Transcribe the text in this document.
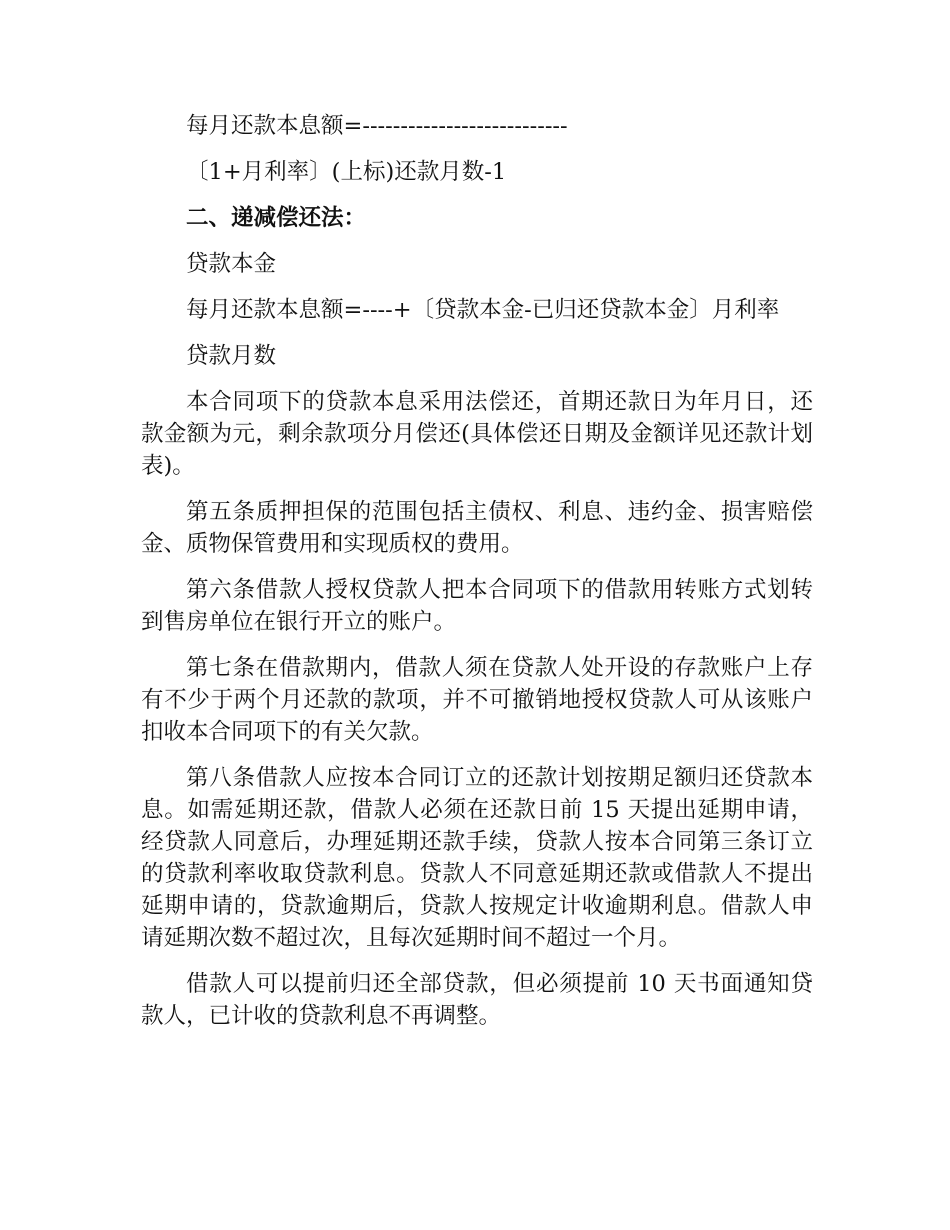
每月还款本息额=---------------------------

〔1+月利率〕(上标)还款月数-1

二、递减偿还法：

贷款本金

每月还款本息额=----+〔贷款本金-已归还贷款本金〕月利率

贷款月数

本合同项下的贷款本息采用法偿还，首期还款日为年月日，还款金额为元，剩余款项分月偿还(具体偿还日期及金额详见还款计划表)。

第五条质押担保的范围包括主债权、利息、违约金、损害赔偿金、质物保管费用和实现质权的费用。

第六条借款人授权贷款人把本合同项下的借款用转账方式划转到售房单位在银行开立的账户。

第七条在借款期内，借款人须在贷款人处开设的存款账户上存有不少于两个月还款的款项，并不可撤销地授权贷款人可从该账户扣收本合同项下的有关欠款。

第八条借款人应按本合同订立的还款计划按期足额归还贷款本息。如需延期还款，借款人必须在还款日前 15 天提出延期申请，经贷款人同意后，办理延期还款手续，贷款人按本合同第三条订立的贷款利率收取贷款利息。贷款人不同意延期还款或借款人不提出延期申请的，贷款逾期后，贷款人按规定计收逾期利息。借款人申请延期次数不超过次，且每次延期时间不超过一个月。

借款人可以提前归还全部贷款，但必须提前 10 天书面通知贷款人，已计收的贷款利息不再调整。
